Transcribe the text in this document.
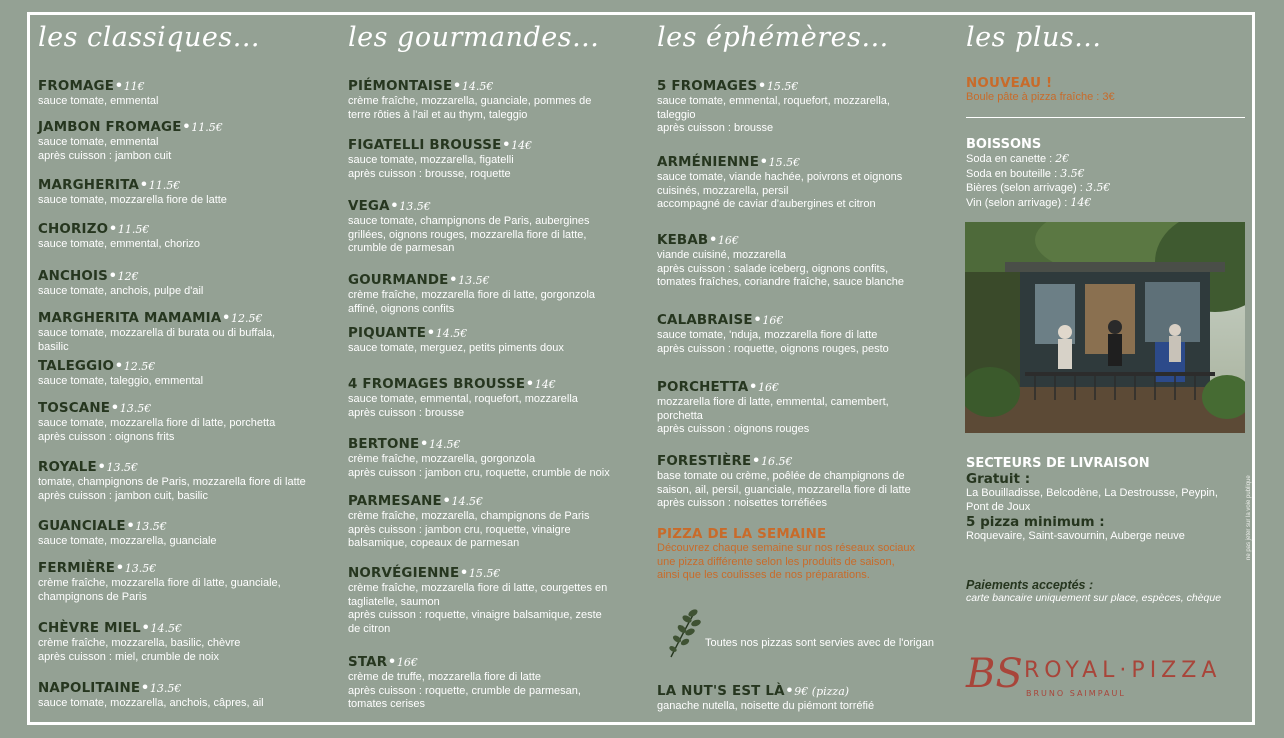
les classiques...
FROMAGE • 11€
sauce tomate, emmental
JAMBON FROMAGE • 11.5€
sauce tomate, emmental
après cuisson : jambon cuit
MARGHERITA • 11.5€
sauce tomate, mozzarella fiore de latte
CHORIZO • 11.5€
sauce tomate, emmental, chorizo
ANCHOIS • 12€
sauce tomate, anchois, pulpe d'ail
MARGHERITA MAMAMIA • 12.5€
sauce tomate, mozzarella di burata ou di buffala,
basilic
TALEGGIO • 12.5€
sauce tomate, taleggio, emmental
TOSCANE • 13.5€
sauce tomate, mozzarella fiore di latte, porchetta
après cuisson : oignons frits
ROYALE • 13.5€
tomate, champignons de Paris, mozzarella fiore di latte
après cuisson : jambon cuit, basilic
GUANCIALE • 13.5€
sauce tomate, mozzarella, guanciale
FERMIÈRE • 13.5€
crème fraîche, mozzarella fiore di latte, guanciale,
champignons de Paris
CHÈVRE MIEL • 14.5€
crème fraîche, mozzarella, basilic, chèvre
après cuisson : miel, crumble de noix
NAPOLITAINE • 13.5€
sauce tomate, mozzarella, anchois, câpres, ail
les gourmandes...
PIÉMONTAISE • 14.5€
crème fraîche, mozzarella, guanciale, pommes de
terre rôties à l'ail et au thym, taleggio
FIGATELLI BROUSSE • 14€
sauce tomate, mozzarella, figatelli
après cuisson : brousse, roquette
VEGA • 13.5€
sauce tomate, champignons de Paris, aubergines
grillées, oignons rouges, mozzarella fiore di latte,
crumble de parmesan
GOURMANDE • 13.5€
crème fraîche, mozzarella fiore di latte, gorgonzola
affiné, oignons confits
PIQUANTE • 14.5€
sauce tomate, merguez, petits piments doux
4 FROMAGES BROUSSE • 14€
sauce tomate, emmental, roquefort, mozzarella
après cuisson : brousse
BERTONE • 14.5€
crème fraîche, mozzarella, gorgonzola
après cuisson : jambon cru, roquette, crumble de noix
PARMESANE • 14.5€
crème fraîche, mozzarella, champignons de Paris
après cuisson : jambon cru, roquette, vinaigre
balsamique, copeaux de parmesan
NORVÉGIENNE • 15.5€
crème fraîche, mozzarella fiore di latte, courgettes en
tagliatelle, saumon
après cuisson : roquette, vinaigre balsamique, zeste
de citron
STAR • 16€
crème de truffe, mozzarella fiore di latte
après cuisson : roquette, crumble de parmesan,
tomates cerises
les éphémères...
5 FROMAGES • 15.5€
sauce tomate, emmental, roquefort, mozzarella,
taleggio
après cuisson : brousse
ARMÉNIENNE • 15.5€
sauce tomate, viande hachée, poivrons et oignons
cuisinés, mozzarella, persil
accompagné de caviar d'aubergines et citron
KEBAB • 16€
viande cuisiné, mozzarella
après cuisson : salade iceberg, oignons confits,
tomates fraîches, coriandre fraîche, sauce blanche
CALABRAISE • 16€
sauce tomate, 'nduja, mozzarella fiore di latte
après cuisson : roquette, oignons rouges, pesto
PORCHETTA • 16€
mozzarella fiore di latte, emmental, camembert,
porchetta
après cuisson : oignons rouges
FORESTIÈRE • 16.5€
base tomate ou crème, poêlée de champignons de
saison, ail, persil, guanciale, mozzarella fiore di latte
après cuisson : noisettes torréfiées
PIZZA DE LA SEMAINE
Découvrez chaque semaine sur nos réseaux sociaux
une pizza différente selon les produits de saison,
ainsi que les coulisses de nos préparations.
Toutes nos pizzas sont servies avec de l'origan
LA NUT'S EST LÀ • 9€ (pizza)
ganache nutella, noisette du piémont torréfié
les plus...
NOUVEAU !
Boule pâte à pizza fraîche : 3€
BOISSONS
Soda en canette : 2€
Soda en bouteille : 3.5€
Bières (selon arrivage) : 3.5€
Vin (selon arrivage) : 14€
SECTEURS DE LIVRAISON
Gratuit :
La Bouilladisse, Belcodène, La Destrousse, Peypin,
Pont de Joux
5 pizza minimum :
Roquevaire, Saint-savournin, Auberge neuve
Paiements acceptés :
carte bancaire uniquement sur place, espèces, chèque
BS ROYAL·PIZZA
BRUNO SAIMPAUL
ne pas jeter sur la voie publique
